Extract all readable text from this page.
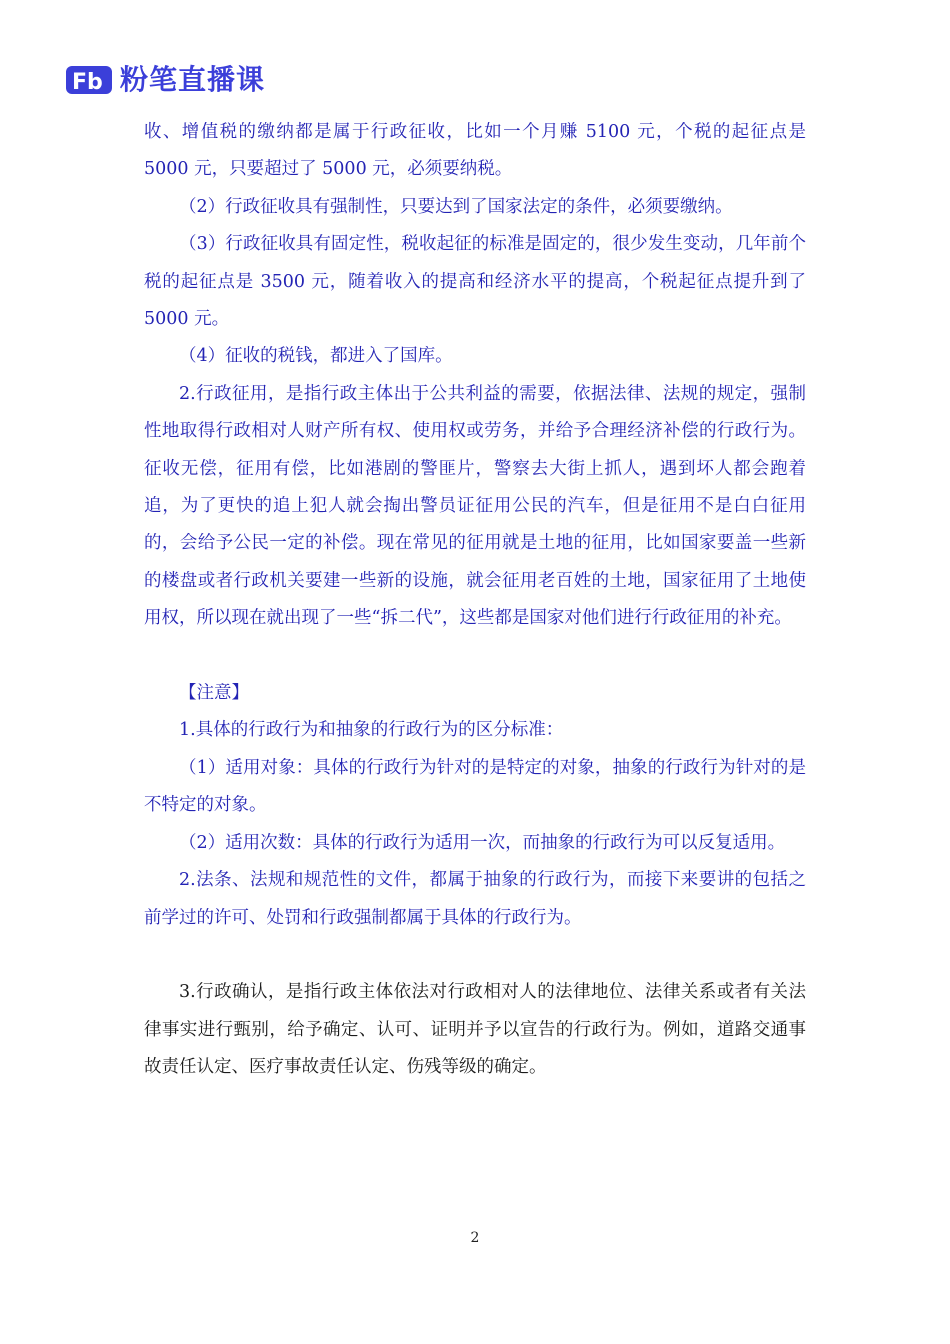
Fb 粉笔直播课

收、增值税的缴纳都是属于行政征收，比如一个月赚 5100 元，个税的起征点是 5000 元，只要超过了 5000 元，必须要纳税。

（2）行政征收具有强制性，只要达到了国家法定的条件，必须要缴纳。

（3）行政征收具有固定性，税收起征的标准是固定的，很少发生变动，几年前个税的起征点是 3500 元，随着收入的提高和经济水平的提高，个税起征点提升到了 5000 元。

（4）征收的税钱，都进入了国库。

2.行政征用，是指行政主体出于公共利益的需要，依据法律、法规的规定，强制性地取得行政相对人财产所有权、使用权或劳务，并给予合理经济补偿的行政行为。征收无偿，征用有偿，比如港剧的警匪片，警察去大街上抓人，遇到坏人都会跑着追，为了更快的追上犯人就会掏出警员证征用公民的汽车，但是征用不是白白征用的，会给予公民一定的补偿。现在常见的征用就是土地的征用，比如国家要盖一些新的楼盘或者行政机关要建一些新的设施，就会征用老百姓的土地，国家征用了土地使用权，所以现在就出现了一些“拆二代”，这些都是国家对他们进行行政征用的补充。

【注意】

1.具体的行政行为和抽象的行政行为的区分标准：

（1）适用对象：具体的行政行为针对的是特定的对象，抽象的行政行为针对的是不特定的对象。

（2）适用次数：具体的行政行为适用一次，而抽象的行政行为可以反复适用。

2.法条、法规和规范性的文件，都属于抽象的行政行为，而接下来要讲的包括之前学过的许可、处罚和行政强制都属于具体的行政行为。

3.行政确认，是指行政主体依法对行政相对人的法律地位、法律关系或者有关法律事实进行甄别，给予确定、认可、证明并予以宣告的行政行为。例如，道路交通事故责任认定、医疗事故责任认定、伤残等级的确定。

2
